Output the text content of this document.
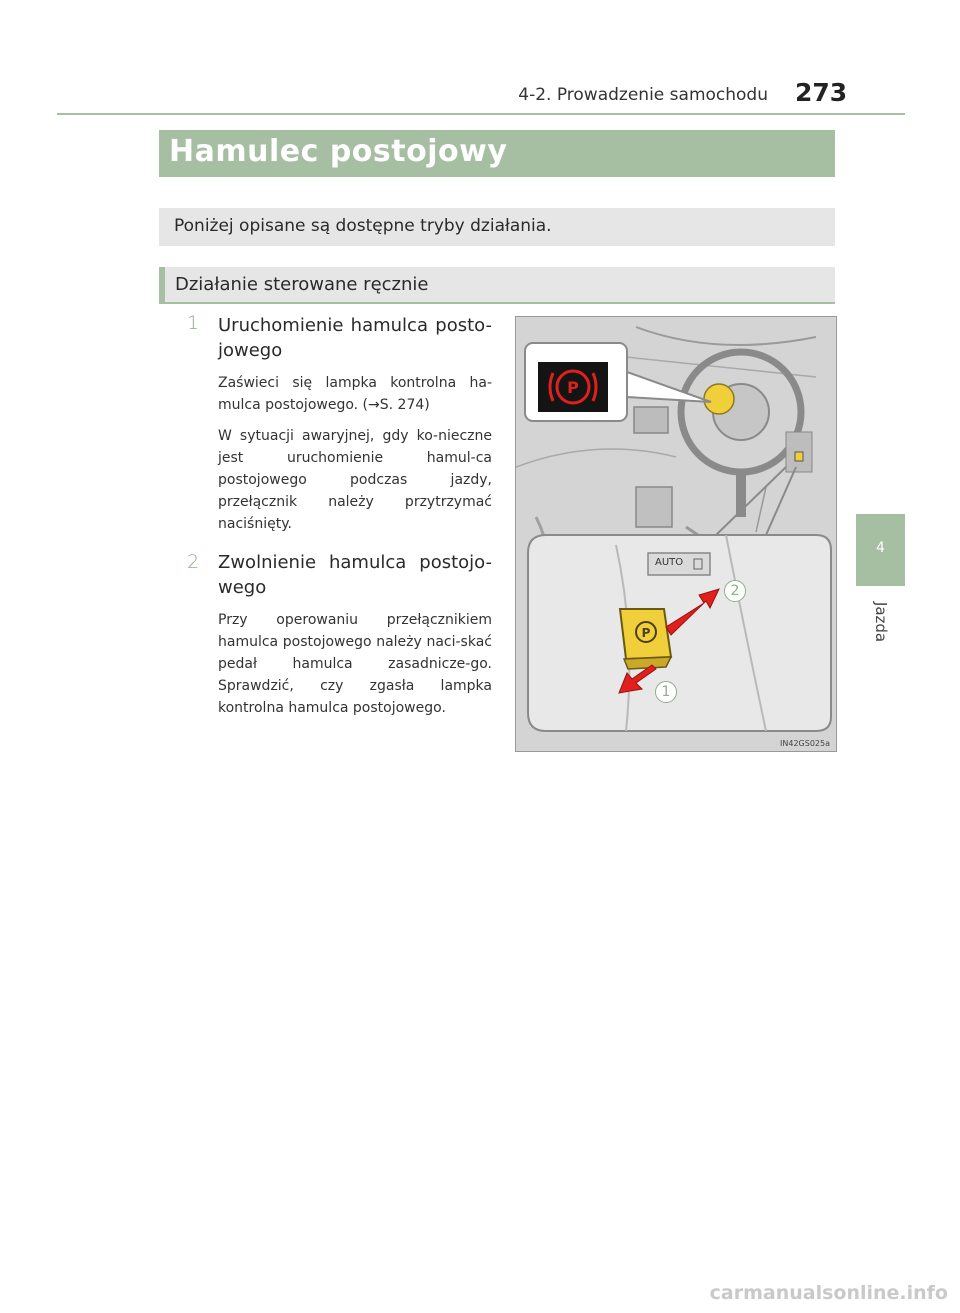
4-2. Prowadzenie samochodu 273
Hamulec postojowy
Poniżej opisane są dostępne tryby działania.
Działanie sterowane ręcznie
1	Uruchomienie hamulca posto-jowego
Zaświeci się lampka kontrolna ha-mulca postojowego. (→S. 274)
W sytuacji awaryjnej, gdy ko-nieczne jest uruchomienie hamul-ca postojowego podczas jazdy, przełącznik należy przytrzymać naciśnięty.
2	Zwolnienie hamulca postojo-wego
Przy operowaniu przełącznikiem hamulca postojowego należy naci-skać pedał hamulca zasadnicze-go. Sprawdzić, czy zgasła lampka kontrolna hamulca postojowego.
P
P
AUTO
2
1
IN42GS025a
4
Jazda
carmanualsonline.info
